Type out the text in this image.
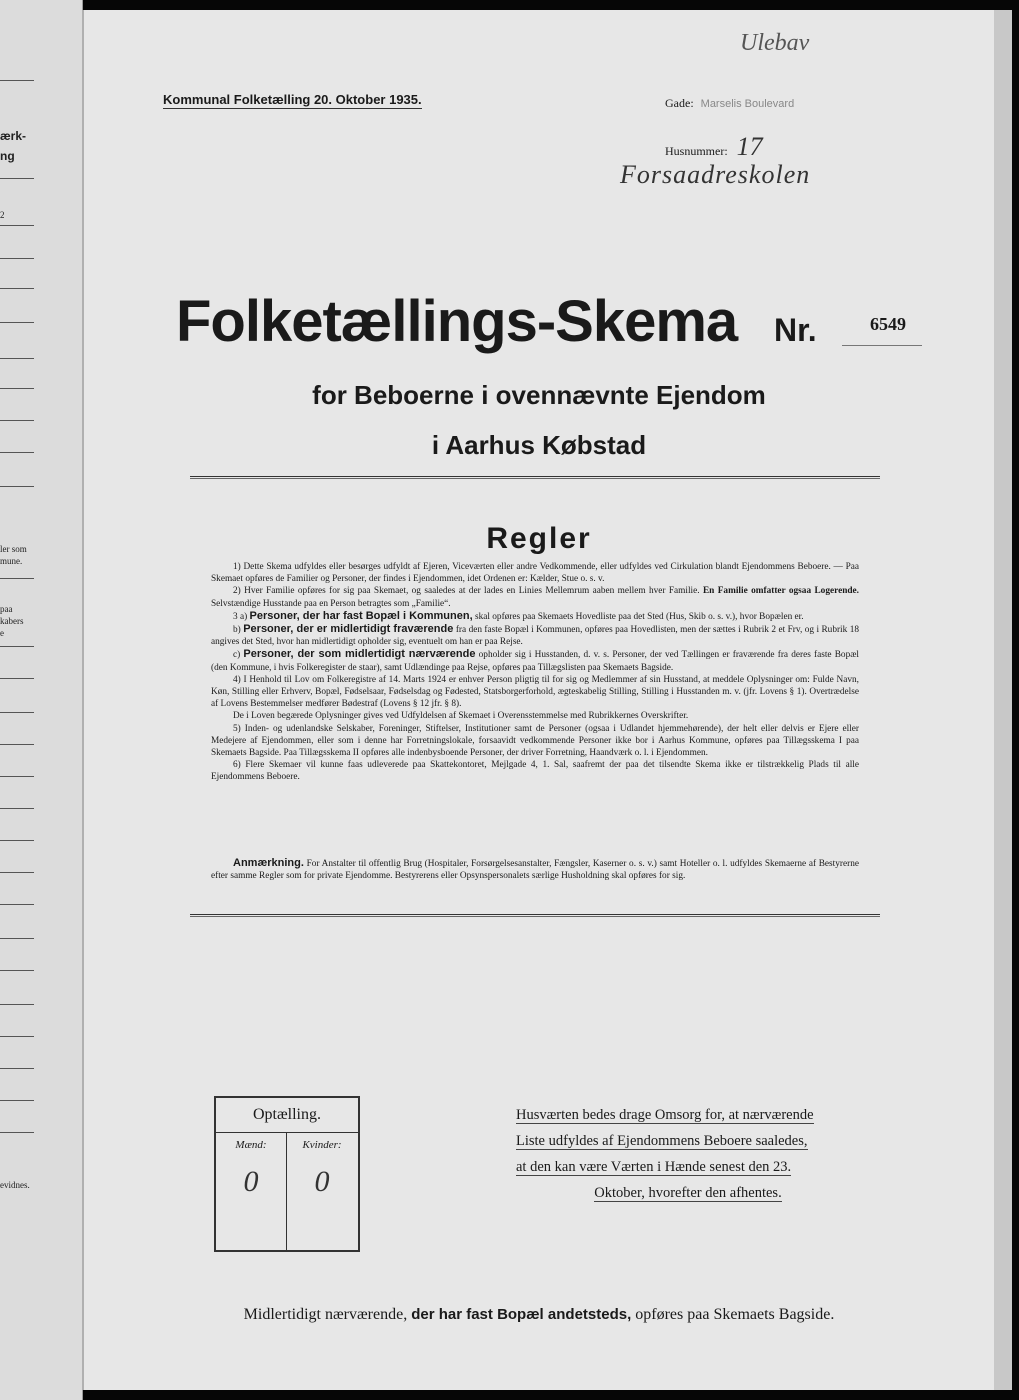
ærk-
ng
2
ler som
mune.
paa
kabers
e
evidnes.
Ulebav
Kommunal Folketælling 20. Oktober 1935.	Gade: Marselis Boulevard
Husnummer: 17
Forsaadreskolen
Folketællings-Skema Nr.	6549
for Beboerne i ovennævnte Ejendom
i Aarhus Købstad
Regler

1) Dette Skema udfyldes eller besørges udfyldt af Ejeren, Viceværten eller andre Vedkommende, eller udfyldes ved Cirkulation blandt Ejendommens Beboere. — Paa Skemaet opføres de Familier og Personer, der findes i Ejendommen, idet Ordenen er: Kælder, Stue o. s. v.

2) Hver Familie opføres for sig paa Skemaet, og saaledes at der lades en Linies Mellemrum aaben mellem hver Familie. En Familie omfatter ogsaa Logerende. Selvstændige Husstande paa en Person betragtes som „Familie“.

3 a) Personer, der har fast Bopæl i Kommunen, skal opføres paa Skemaets Hovedliste paa det Sted (Hus, Skib o. s. v.), hvor Bopælen er.

b) Personer, der er midlertidigt fraværende fra den faste Bopæl i Kommunen, opføres paa Hovedlisten, men der sættes i Rubrik 2 et Frv, og i Rubrik 18 angives det Sted, hvor han midlertidigt opholder sig, eventuelt om han er paa Rejse.

c) Personer, der som midlertidigt nærværende opholder sig i Husstanden, d. v. s. Personer, der ved Tællingen er fraværende fra deres faste Bopæl (den Kommune, i hvis Folkeregister de staar), samt Udlændinge paa Rejse, opføres paa Tillægslisten paa Skemaets Bagside.

4) I Henhold til Lov om Folkeregistre af 14. Marts 1924 er enhver Person pligtig til for sig og Medlemmer af sin Husstand, at meddele Oplysninger om: Fulde Navn, Køn, Stilling eller Erhverv, Bopæl, Fødselsaar, Fødselsdag og Fødested, Statsborgerforhold, ægteskabelig Stilling, Stilling i Husstanden m. v. (jfr. Lovens § 1). Overtrædelse af Lovens Bestemmelser medfører Bødestraf (Lovens § 12 jfr. § 8).

De i Loven begærede Oplysninger gives ved Udfyldelsen af Skemaet i Overensstemmelse med Rubrikkernes Overskrifter.

5) Inden- og udenlandske Selskaber, Foreninger, Stiftelser, Institutioner samt de Personer (ogsaa i Udlandet hjemmehørende), der helt eller delvis er Ejere eller Medejere af Ejendommen, eller som i denne har Forretningslokale, forsaavidt vedkommende Personer ikke bor i Aarhus Kommune, opføres paa Tillægsskema I paa Skemaets Bagside. Paa Tillægsskema II opføres alle indenbysboende Personer, der driver Forretning, Haandværk o. l. i Ejendommen.

6) Flere Skemaer vil kunne faas udleverede paa Skattekontoret, Mejlgade 4, 1. Sal, saafremt der paa det tilsendte Skema ikke er tilstrækkelig Plads til alle Ejendommens Beboere.

Anmærkning. For Anstalter til offentlig Brug (Hospitaler, Forsørgelsesanstalter, Fængsler, Kaserner o. s. v.) samt Hoteller o. l. udfyldes Skemaerne af Bestyrerne efter samme Regler som for private Ejendomme. Bestyrerens eller Opsynspersonalets særlige Husholdning skal opføres for sig.
Optælling.
Mænd:
0
Kvinder:
0
Husværten bedes drage Omsorg for, at nærværende
Liste udfyldes af Ejendommens Beboere saaledes,
at den kan være Værten i Hænde senest den 23.

Oktober, hvorefter den afhentes.
Midlertidigt nærværende, der har fast Bopæl andetsteds, opføres paa Skemaets Bagside.
